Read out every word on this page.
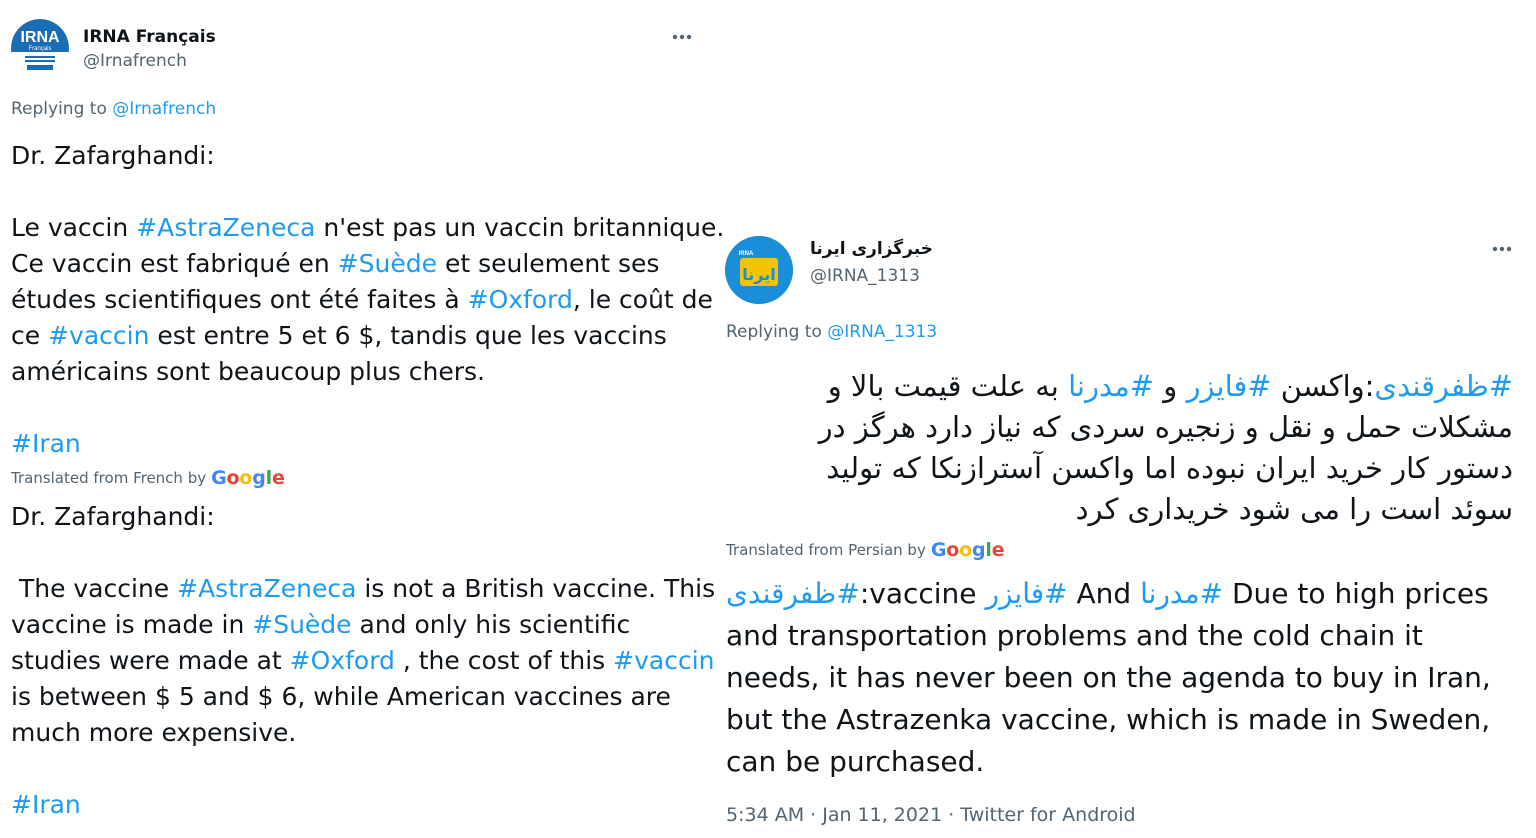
IRNA
Français
IRNA Français
@Irnafrench
Replying to @Irnafrench
Dr. Zafarghandi:
Le vaccin #AstraZeneca n'est pas un vaccin britannique.
Ce vaccin est fabriqué en #Suède et seulement ses
études scientifiques ont été faites à #Oxford, le coût de
ce #vaccin est entre 5 et 6 $, tandis que les vaccins
américains sont beaucoup plus chers.
#Iran
Translated from French by Google
Dr. Zafarghandi:
The vaccine #AstraZeneca is not a British vaccine. This
vaccine is made in #Suède and only his scientific
studies were made at #Oxford , the cost of this #vaccin
is between $ 5 and $ 6, while American vaccines are
much more expensive.
#Iran
ایرنا
IRNA	خبرگزاری ایرنا
@IRNA_1313
Replying to @IRNA_1313
#ظفرقندی:واکسن #فایزر و #مدرنا به علت قیمت بالا و
مشکلات حمل و نقل و زنجیره سردی که نیاز دارد هرگز در
دستور کار خرید ایران نبوده اما واکسن آسترازنکا که تولید
سوئد است را می شود خریداری کرد
Translated from Persian by Google
ظفرقندی#:vaccine فایزر# And مدرنا# Due to high prices
and transportation problems and the cold chain it
needs, it has never been on the agenda to buy in Iran,
but the Astrazenka vaccine, which is made in Sweden,
can be purchased.
5:34 AM · Jan 11, 2021 · Twitter for Android
